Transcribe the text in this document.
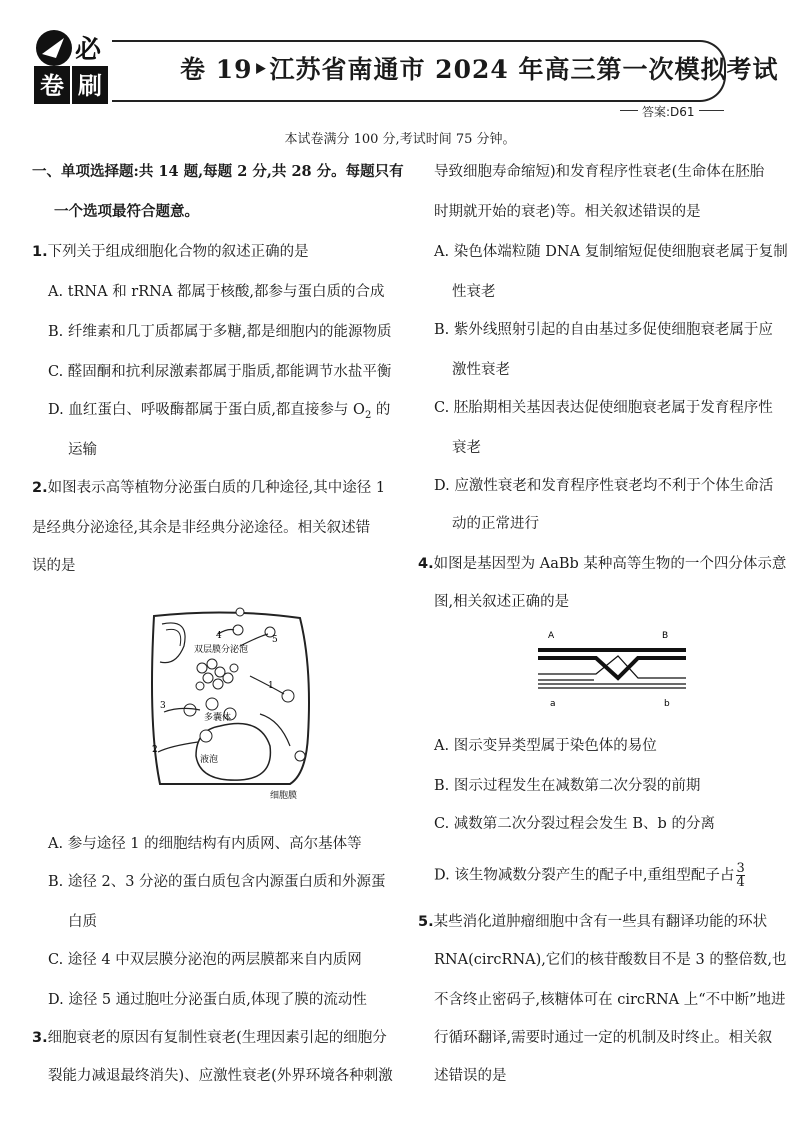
必
卷 刷
卷 19‣江苏省南通市 2024 年高三第一次模拟考试
答案:D61
本试卷满分 100 分,考试时间 75 分钟。
一、单项选择题:共 14 题,每题 2 分,共 28 分。每题只有
一个选项最符合题意。
1.下列关于组成细胞化合物的叙述正确的是
A. tRNA 和 rRNA 都属于核酸,都参与蛋白质的合成
B. 纤维素和几丁质都属于多糖,都是细胞内的能源物质
C. 醛固酮和抗利尿激素都属于脂质,都能调节水盐平衡
D. 血红蛋白、呼吸酶都属于蛋白质,都直接参与 $O_2$ 的
运输
2.如图表示高等植物分泌蛋白质的几种途径,其中途径 1
是经典分泌途径,其余是非经典分泌途径。相关叙述错
误的是
4	5
1
3
2
双层膜分泌泡
多囊体
液泡
细胞膜
A. 参与途径 1 的细胞结构有内质网、高尔基体等
B. 途径 2、3 分泌的蛋白质包含内源蛋白质和外源蛋
白质
C. 途径 4 中双层膜分泌泡的两层膜都来自内质网
D. 途径 5 通过胞吐分泌蛋白质,体现了膜的流动性
3.细胞衰老的原因有复制性衰老(生理因素引起的细胞分
裂能力减退最终消失)、应激性衰老(外界环境各种刺激
导致细胞寿命缩短)和发育程序性衰老(生命体在胚胎
时期就开始的衰老)等。相关叙述错误的是
A. 染色体端粒随 DNA 复制缩短促使细胞衰老属于复制
性衰老
B. 紫外线照射引起的自由基过多促使细胞衰老属于应
激性衰老
C. 胚胎期相关基因表达促使细胞衰老属于发育程序性
衰老
D. 应激性衰老和发育程序性衰老均不利于个体生命活
动的正常进行
4.如图是基因型为 AaBb 某种高等生物的一个四分体示意
图,相关叙述正确的是
A	B
a	b
A. 图示变异类型属于染色体的易位
B. 图示过程发生在减数第二次分裂的前期
C. 减数第二次分裂过程会发生 B、b 的分离
D. 该生物减数分裂产生的配子中,重组型配子占 $\frac{3}{4}$
5.某些消化道肿瘤细胞中含有一些具有翻译功能的环状
RNA(circRNA),它们的核苷酸数目不是 3 的整倍数,也
不含终止密码子,核糖体可在 circRNA 上“不中断”地进
行循环翻译,需要时通过一定的机制及时终止。相关叙
述错误的是
